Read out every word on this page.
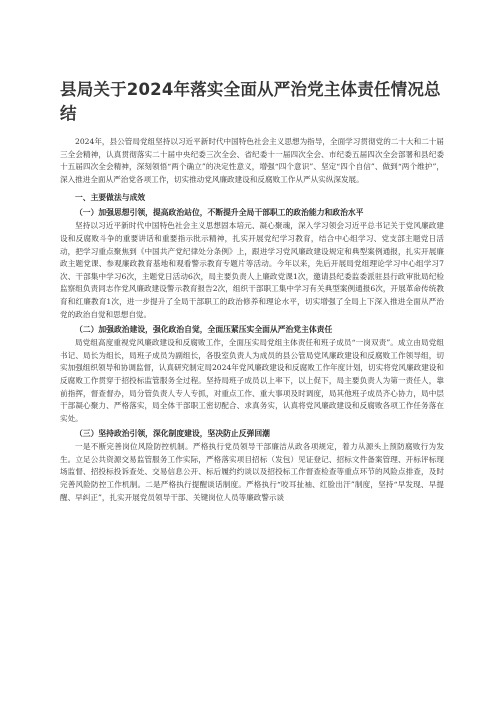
县局关于2024年落实全面从严治党主体责任情况总结

2024年，县公管局党组坚持以习近平新时代中国特色社会主义思想为指导，全面学习贯彻党的二十大和二十届三全会精神，认真贯彻落实二十届中央纪委三次全会、省纪委十一届四次全会、市纪委五届四次全会部署和县纪委十五届四次全会精神，深刻领悟“两个确立”的决定性意义，增强“四个意识”、坚定“四个自信”、做到“两个维护”，深入推进全面从严治党各项工作，切实推动党风廉政建设和反腐败工作从严从实纵深发展。

一、主要做法与成效
（一）加强思想引领，提高政治站位，不断提升全局干部职工的政治能力和政治水平

坚持以习近平新时代中国特色社会主义思想固本培元、凝心聚魂，深入学习领会习近平总书记关于党风廉政建设和反腐败斗争的重要讲话和重要指示批示精神，扎实开展党纪学习教育，结合中心组学习、党支部主题党日活动，把学习重点聚焦到《中国共产党纪律处分条例》上，跟进学习党风廉政建设规定和典型案例通报，扎实开展廉政主题党课、参观廉政教育基地和观看警示教育专题片等活动。今年以来，先后开展局党组理论学习中心组学习7次、干部集中学习6次，主题党日活动6次，局主要负责人上廉政党课1次，邀请县纪委监委派驻县行政审批局纪检监察组负责同志作党风廉政建设警示教育报告2次，组织干部职工集中学习有关典型案例通报6次，开展革命传统教育和红廉教育1次，进一步提升了全局干部职工的政治修养和理论水平，切实增强了全局上下深入推进全面从严治党的政治自觉和思想自觉。

（二）加强政治建设，强化政治自觉，全面压紧压实全面从严治党主体责任

局党组高度重视党风廉政建设和反腐败工作，全面压实局党组主体责任和班子成员“一岗双责”。成立由局党组书记、局长为组长，局班子成员为副组长，各股室负责人为成员的县公管局党风廉政建设和反腐败工作领导组，切实加强组织领导和协调监督，认真研究制定局2024年党风廉政建设和反腐败工作年度计划，切实将党风廉政建设和反腐败工作贯穿于招投标监管服务全过程。坚持局班子成员以上率下，以上促下，局主要负责人为第一责任人，靠前指挥，督查督办，局分管负责人专人专抓，对重点工作、重大事项及时调度，局其他班子成员齐心协力，局中层干部凝心聚力、严格落实，局全体干部职工密切配合、求真务实，认真将党风廉政建设和反腐败各项工作任务落在实处。

（三）坚持政治引领，深化制度建设，坚决防止反弹回潮

一是不断完善岗位风险防控机制。严格执行党员领导干部廉洁从政各项规定，着力从源头上预防腐败行为发生。立足公共资源交易监管服务工作实际，严格落实项目招标（发包）见证登记、招标文件备案管理、开标评标现场监督、招投标投诉查处、交易信息公开、标后履约约谈以及招投标工作督查检查等重点环节的风险点排查，及时完善风险防控工作机制。二是严格执行提醒谈话制度。严格执行“咬耳扯袖、红脸出汗”制度，坚持“早发现、早提醒、早纠正”，扎实开展党员领导干部、关键岗位人员等廉政警示谈
